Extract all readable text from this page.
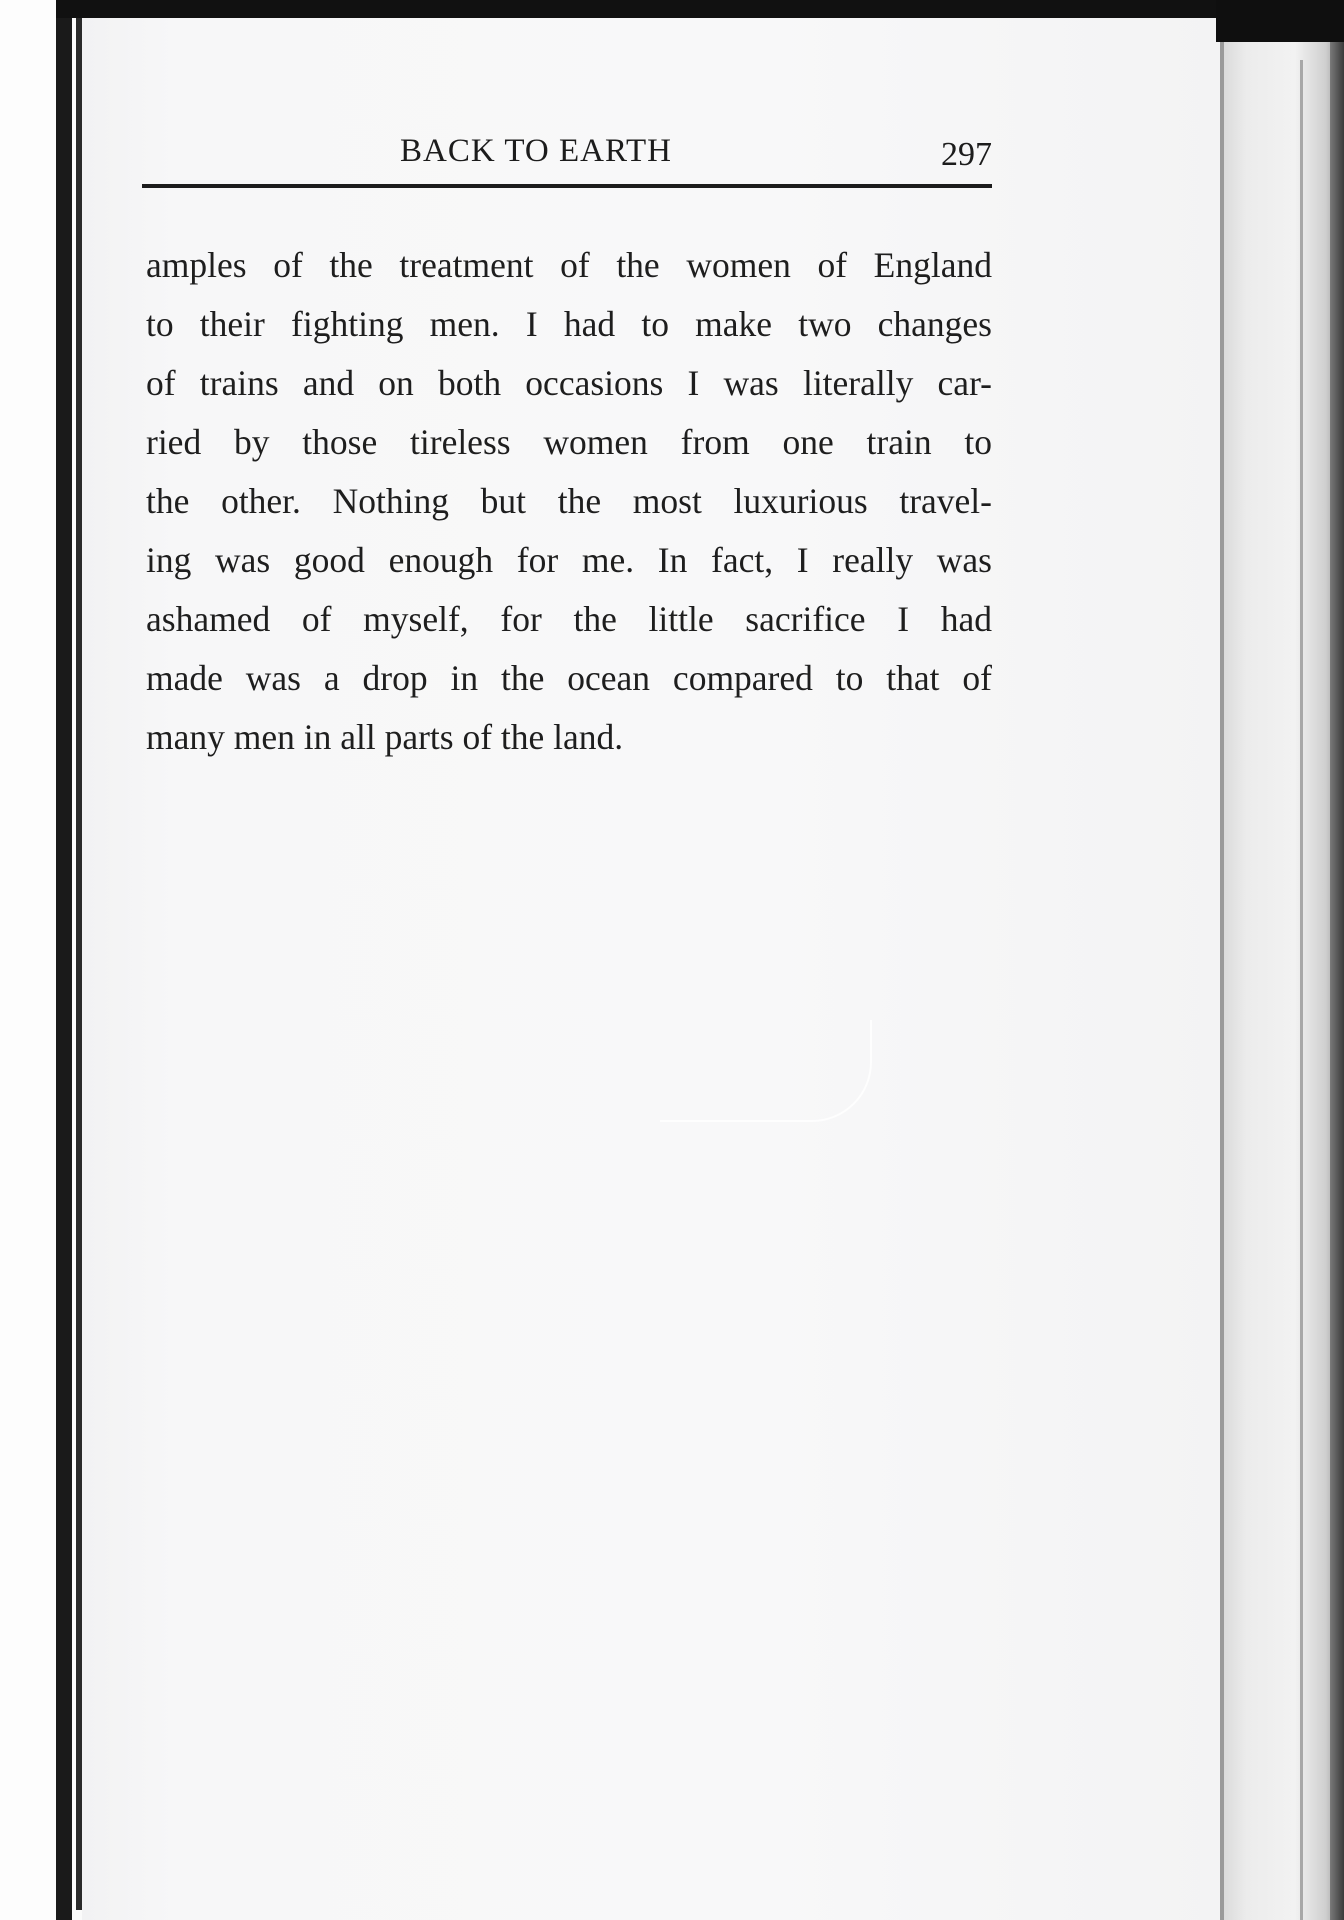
BACK TO EARTH	297
amples of the treatment of the women of England
to their fighting men. I had to make two changes
of trains and on both occasions I was literally car-
ried by those tireless women from one train to
the other. Nothing but the most luxurious travel-
ing was good enough for me. In fact, I really was
ashamed of myself, for the little sacrifice I had
made was a drop in the ocean compared to that of
many men in all parts of the land.
